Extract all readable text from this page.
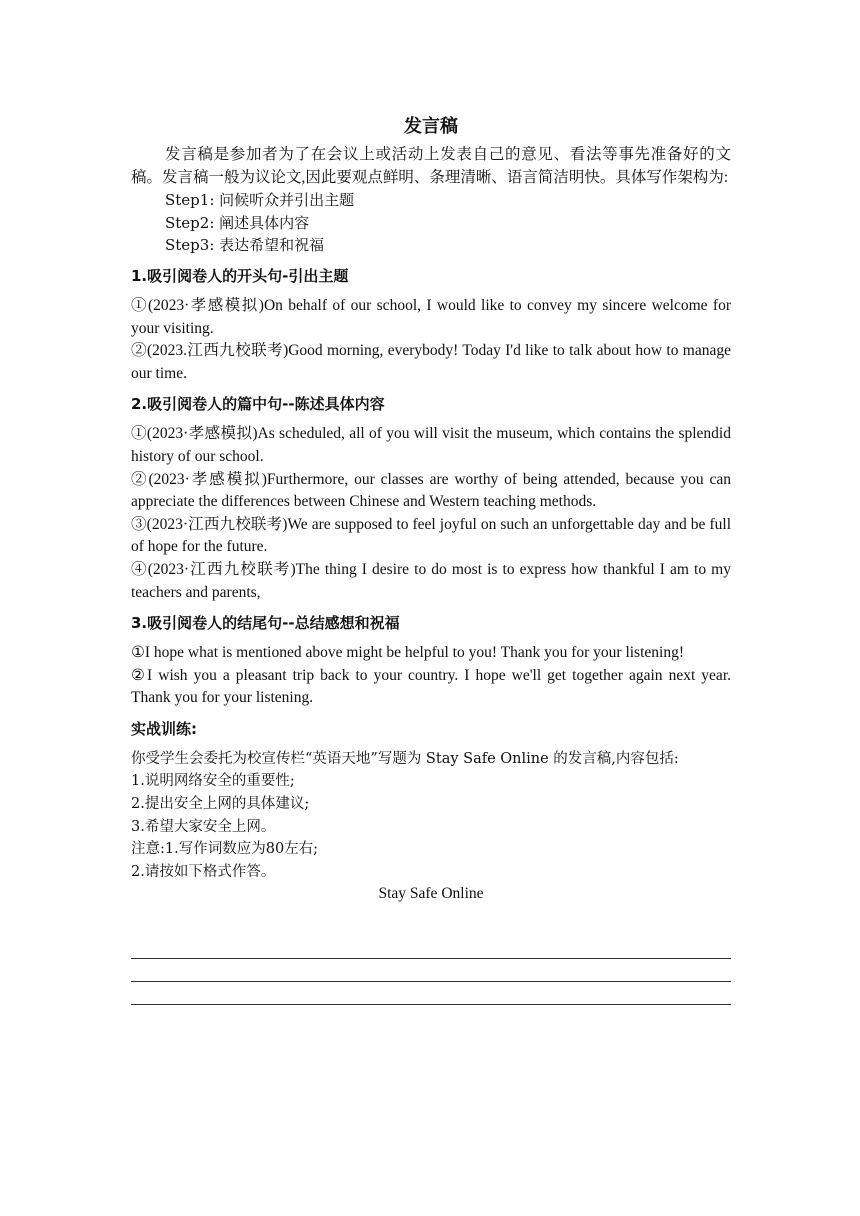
发言稿

发言稿是参加者为了在会议上或活动上发表自己的意见、看法等事先准备好的文稿。发言稿一般为议论文,因此要观点鲜明、条理清晰、语言简洁明快。具体写作架构为:

Step1: 问候听众并引出主题

Step2: 阐述具体内容

Step3: 表达希望和祝福

1.吸引阅卷人的开头句-引出主题

①(2023·孝感模拟)On behalf of our school, I would like to convey my sincere welcome for your visiting.

②(2023.江西九校联考)Good morning, everybody! Today I'd like to talk about how to manage our time.

2.吸引阅卷人的篇中句--陈述具体内容

①(2023·孝感模拟)As scheduled, all of you will visit the museum, which contains the splendid history of our school.

②(2023·孝感模拟)Furthermore, our classes are worthy of being attended, because you can appreciate the differences between Chinese and Western teaching methods.

③(2023·江西九校联考)We are supposed to feel joyful on such an unforgettable day and be full of hope for the future.

④(2023·江西九校联考)The thing I desire to do most is to express how thankful I am to my teachers and parents,

3.吸引阅卷人的结尾句--总结感想和祝福

①I hope what is mentioned above might be helpful to you! Thank you for your listening!

②I wish you a pleasant trip back to your country. I hope we'll get together again next year. Thank you for your listening.

实战训练:

你受学生会委托为校宣传栏“英语天地”写题为 Stay Safe Online 的发言稿,内容包括:

1.说明网络安全的重要性;

2.提出安全上网的具体建议;

3.希望大家安全上网。

注意:1.写作词数应为80左右;

2.请按如下格式作答。

Stay Safe Online
